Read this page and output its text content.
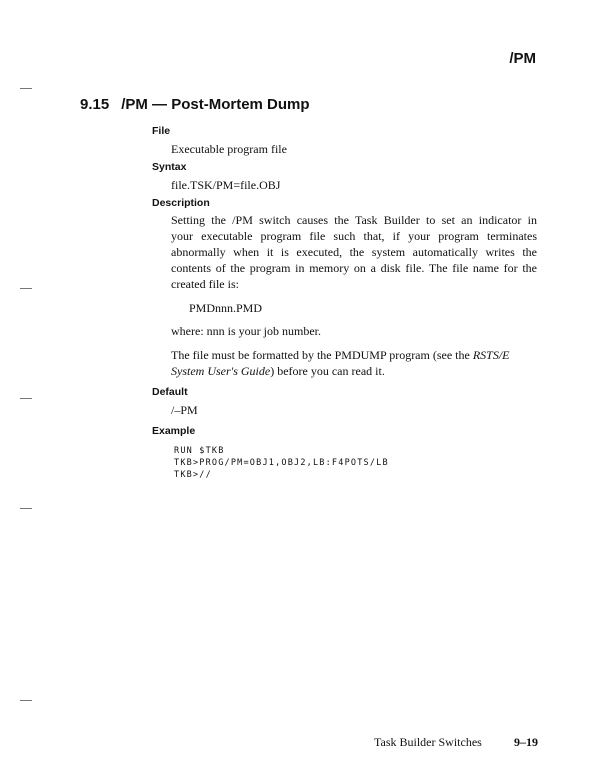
/PM
9.15 /PM — Post-Mortem Dump
File
Executable program file
Syntax
file.TSK/PM=file.OBJ
Description
Setting the /PM switch causes the Task Builder to set an indicator in
your executable program file such that, if your program terminates
abnormally when it is executed, the system automatically writes the
contents of the program in memory on a disk file. The file name for the
created file is:
PMDnnn.PMD
where: nnn is your job number.
The file must be formatted by the PMDUMP program (see the RSTS/E System User's Guide) before you can read it.
Default
/–PM
Example
RUN $TKB
TKB>PROG/PM=OBJ1,OBJ2,LB:F4POTS/LB
TKB>//
Task Builder Switches	9–19
